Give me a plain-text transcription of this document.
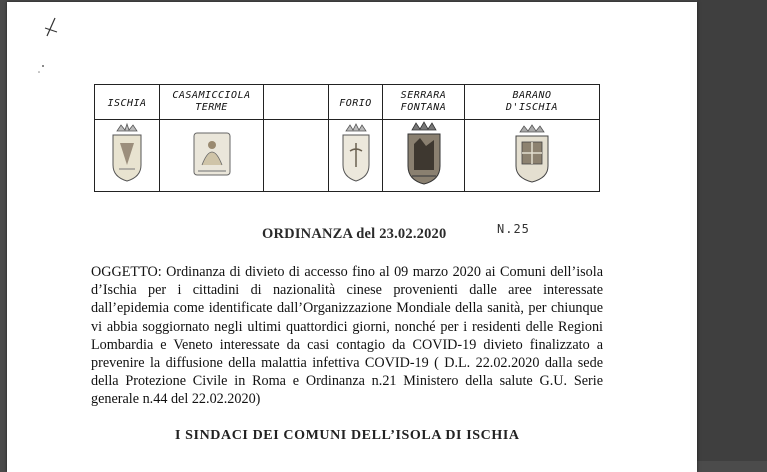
ISCHIA	CASAMICCIOLA TERME		FORIO	SERRARA FONTANA	BARANO D'ISCHIA

ORDINANZA del 23.02.2020	N.25
OGGETTO: Ordinanza di divieto di accesso fino al 09 marzo 2020 ai Comuni dell’isola d’Ischia per i cittadini di nazionalità cinese provenienti dalle aree interessate dall’epidemia come identificate dall’Organizzazione Mondiale della sanità, per chiunque vi abbia soggiornato negli ultimi quattordici giorni, nonché per i residenti delle Regioni Lombardia e Veneto interessate da casi contagio da COVID-19 divieto finalizzato a prevenire la diffusione della malattia infettiva COVID-19 ( D.L. 22.02.2020 dalla sede della Protezione Civile in Roma e Ordinanza n.21 Ministero della salute G.U. Serie generale n.44 del 22.02.2020)
I SINDACI DEI COMUNI DELL’ISOLA DI ISCHIA
